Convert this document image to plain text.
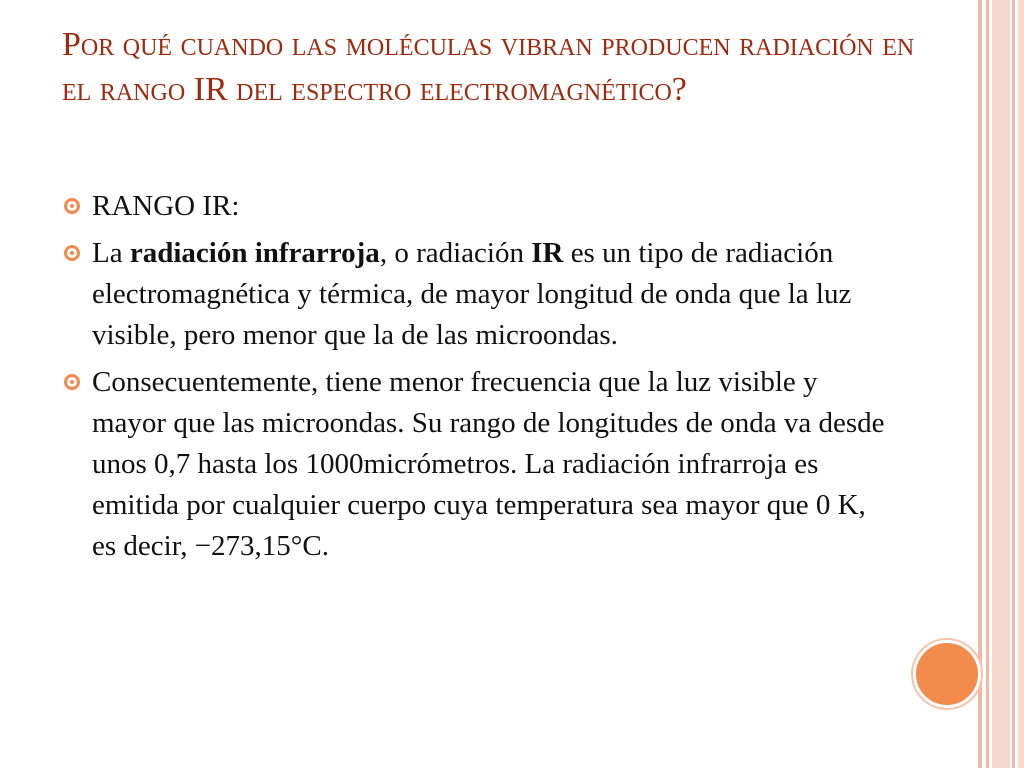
Por qué cuando las moléculas vibran producen radiación en el rango IR del espectro electromagnético?

RANGO IR:

La radiación infrarroja, o radiación IR es un tipo de radiación electromagnética y térmica, de mayor longitud de onda que la luz visible, pero menor que la de las microondas.

Consecuentemente, tiene menor frecuencia que la luz visible y mayor que las microondas. Su rango de longitudes de onda va desde unos 0,7 hasta los 1000micrómetros. La radiación infrarroja es emitida por cualquier cuerpo cuya temperatura sea mayor que 0 K, es decir, −273,15°C.
